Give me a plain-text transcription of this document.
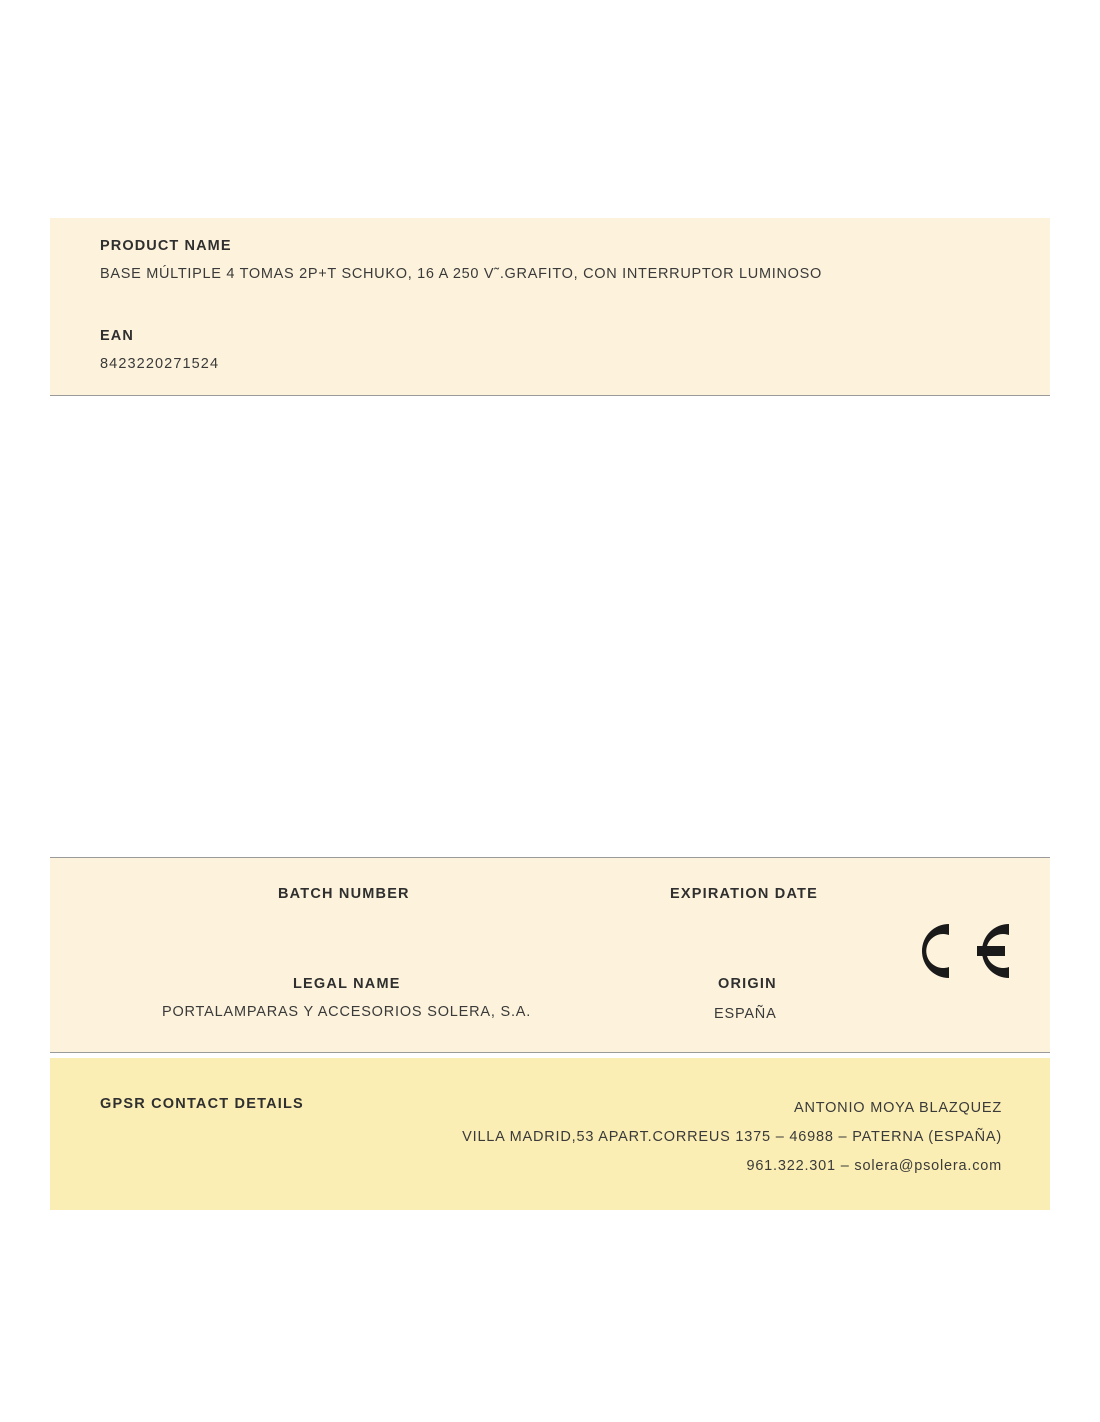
PRODUCT NAME
BASE MÚLTIPLE 4 TOMAS 2P+T SCHUKO, 16 A 250 V˜.GRAFITO, CON INTERRUPTOR LUMINOSO
EAN
8423220271524
BATCH NUMBER	EXPIRATION DATE
LEGAL NAME
PORTALAMPARAS Y ACCESORIOS SOLERA, S.A.
ORIGIN
ESPAÑA
GPSR CONTACT DETAILS	ANTONIO MOYA BLAZQUEZ
VILLA MADRID,53 APART.CORREUS 1375 – 46988 – PATERNA (ESPAÑA)
961.322.301 – solera@psolera.com
